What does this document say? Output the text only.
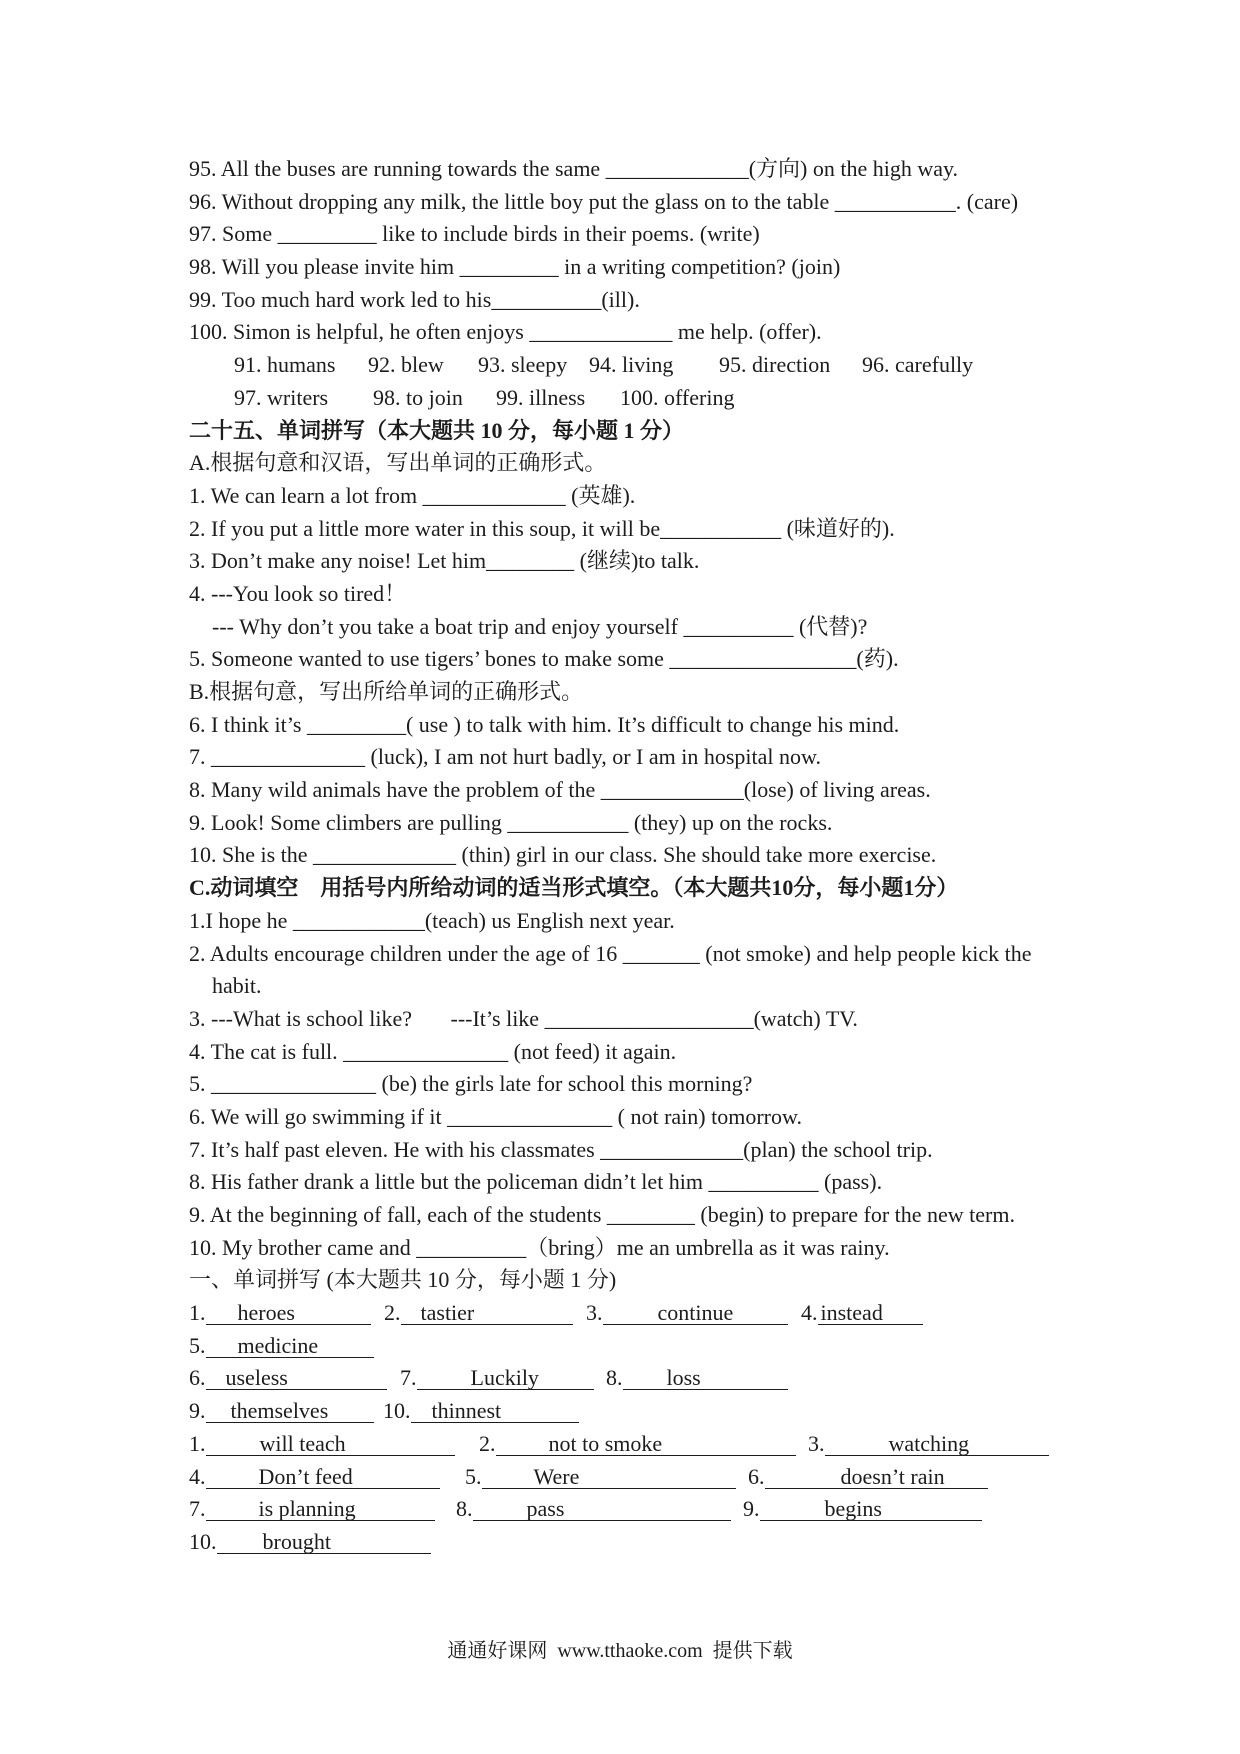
95. All the buses are running towards the same _____________(方向) on the high way.
96. Without dropping any milk, the little boy put the glass on to the table ___________. (care)
97. Some _________ like to include birds in their poems. (write)
98. Will you please invite him _________ in a writing competition? (join)
99. Too much hard work led to his__________(ill).
100. Simon is helpful, he often enjoys _____________ me help. (offer).

91. humans

92. blew

93. sleepy

94. living

95. direction

96. carefully

97. writers

98. to join

99. illness

100. offering

二十五、单词拼写（本大题共 10 分，每小题 1 分）
A.根据句意和汉语，写出单词的正确形式。
1. We can learn a lot from _____________ (英雄).
2. If you put a little more water in this soup, it will be___________ (味道好的).
3. Don’t make any noise! Let him________ (继续)to talk.
4. ---You look so tired！
--- Why don’t you take a boat trip and enjoy yourself __________ (代替)?
5. Someone wanted to use tigers’ bones to make some _________________(药).
B.根据句意，写出所给单词的正确形式。
6. I think it’s _________( use ) to talk with him. It’s difficult to change his mind.
7. ______________ (luck), I am not hurt badly, or I am in hospital now.
8. Many wild animals have the problem of the _____________(lose) of living areas.
9. Look! Some climbers are pulling ___________ (they) up on the rocks.
10. She is the _____________ (thin) girl in our class. She should take more exercise.
C.动词填空    用括号内所给动词的适当形式填空。（本大题共10分，每小题1分）
1.I hope he ____________(teach) us English next year.
2. Adults encourage children under the age of 16 _______ (not smoke) and help people kick the
habit.
3. ---What is school like?       ---It’s like ___________________(watch) TV.
4. The cat is full. _______________ (not feed) it again.
5. _______________ (be) the girls late for school this morning?
6. We will go swimming if it _______________ ( not rain) tomorrow.
7. It’s half past eleven. He with his classmates _____________(plan) the school trip.
8. His father drank a little but the policeman didn’t let him __________ (pass).
9. At the beginning of fall, each of the students ________ (begin) to prepare for the new term.
10. My brother came and __________（bring）me an umbrella as it was rainy.
一、单词拼写 (本大题共 10 分，每小题 1 分)

1. heroes

	2. tastier

	3.	continue

	4. instead

5. medicine

6. useless

	7. Luckily

	8. loss

9. themselves

	10. thinnest

1. will teach

	2. not to smoke

	3.	watching

4. Don’t feed

	5. Were

	6.	doesn’t rain

7. is planning

	8. pass

	9.	begins

10. brought

通通好课网  www.tthaoke.com  提供下载
